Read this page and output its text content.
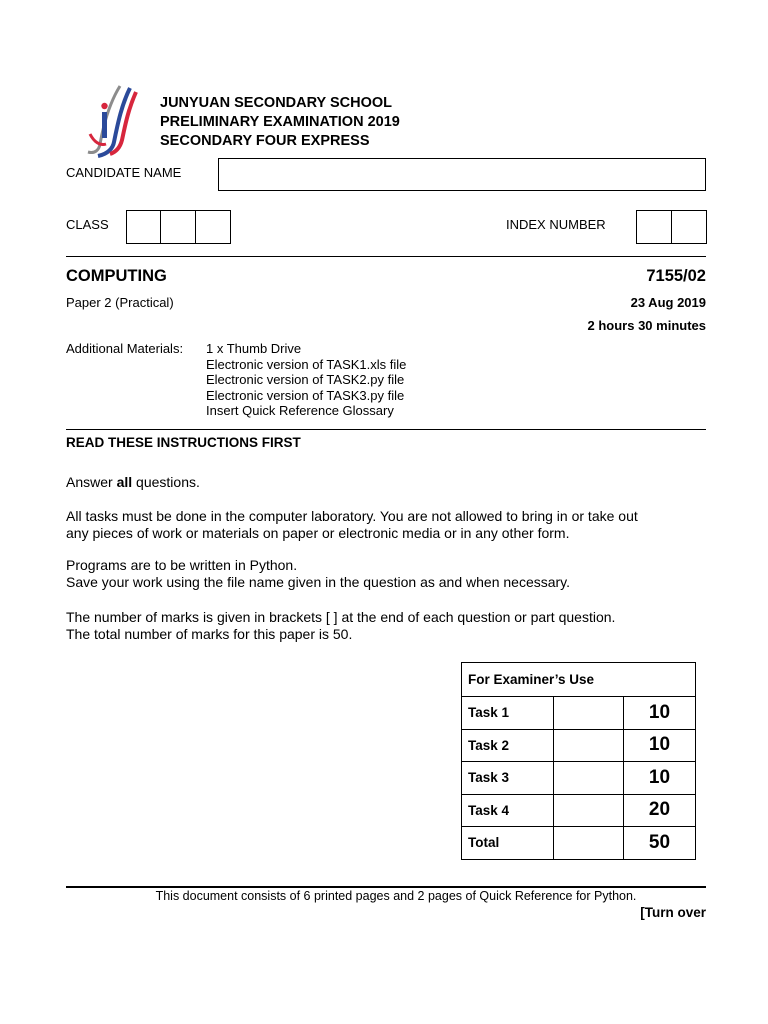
JUNYUAN SECONDARY SCHOOL
PRELIMINARY EXAMINATION 2019
SECONDARY FOUR EXPRESS
CANDIDATE NAME
CLASS	INDEX NUMBER
COMPUTING	7155/02
Paper 2 (Practical)	23 Aug 2019
2 hours 30 minutes
Additional Materials: 1 x Thumb Drive
Electronic version of TASK1.xls file
Electronic version of TASK2.py file
Electronic version of TASK3.py file
Insert Quick Reference Glossary
READ THESE INSTRUCTIONS FIRST
Answer all questions.
All tasks must be done in the computer laboratory. You are not allowed to bring in or take out
any pieces of work or materials on paper or electronic media or in any other form.
Programs are to be written in Python.
Save your work using the file name given in the question as and when necessary.
The number of marks is given in brackets [ ] at the end of each question or part question.
The total number of marks for this paper is 50.
For Examiner’s Use		
Task 1		10
Task 2		10
Task 3		10
Task 4		20
Total		50
This document consists of 6 printed pages and 2 pages of Quick Reference for Python.
[Turn over
